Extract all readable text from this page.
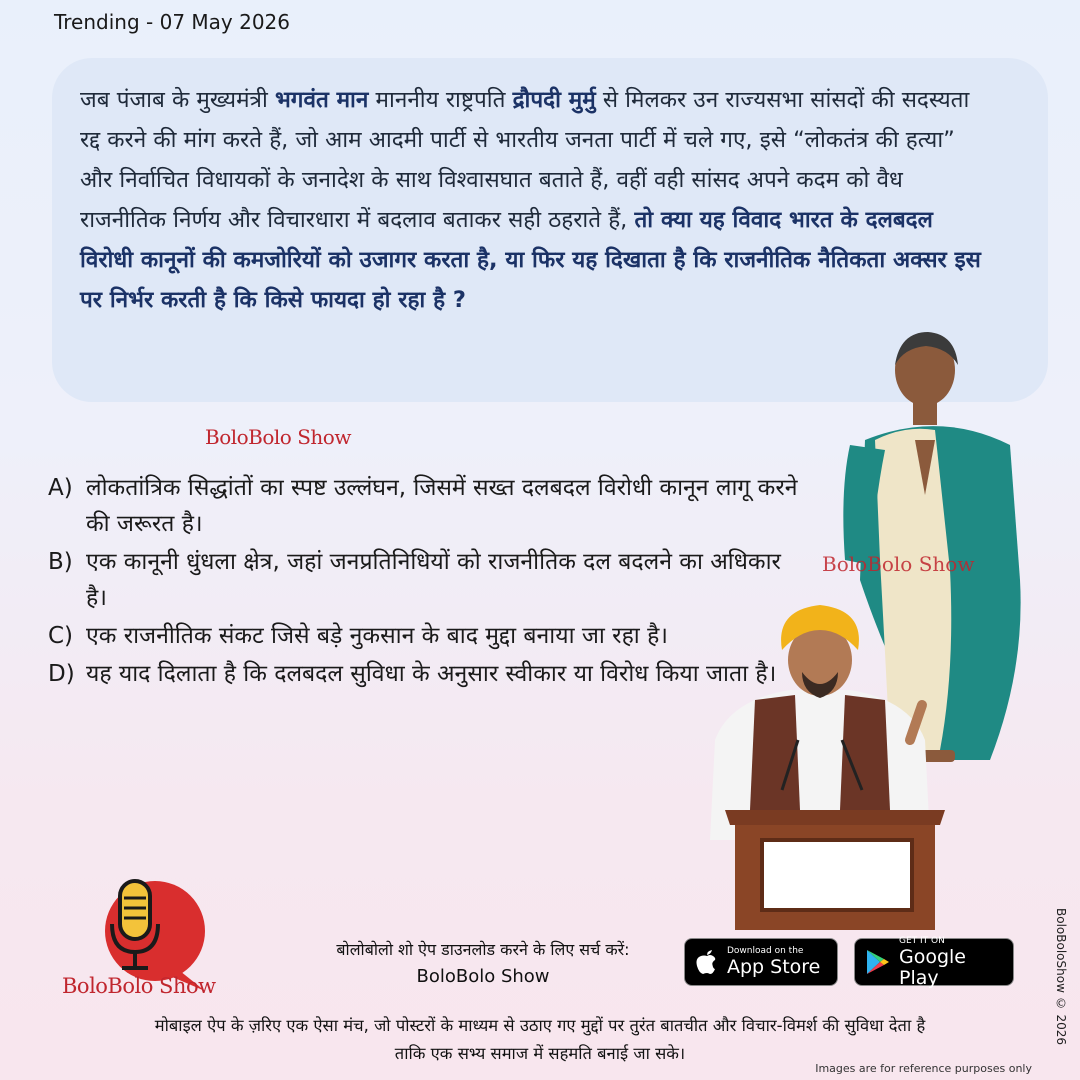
Trending - 07 May 2026

जब पंजाब के मुख्यमंत्री भगवंत मान माननीय राष्ट्रपति द्रौपदी मुर्मु से मिलकर उन राज्यसभा सांसदों की सदस्यता रद्द करने की मांग करते हैं, जो आम आदमी पार्टी से भारतीय जनता पार्टी में चले गए, इसे “लोकतंत्र की हत्या” और निर्वाचित विधायकों के जनादेश के साथ विश्वासघात बताते हैं, वहीं वही सांसद अपने कदम को वैध राजनीतिक निर्णय और विचारधारा में बदलाव बताकर सही ठहराते हैं, तो क्या यह विवाद भारत के दलबदल विरोधी कानूनों की कमजोरियों को उजागर करता है, या फिर यह दिखाता है कि राजनीतिक नैतिकता अक्सर इस पर निर्भर करती है कि किसे फायदा हो रहा है ?

BoloBolo Show
A) लोकतांत्रिक सिद्धांतों का स्पष्ट उल्लंघन, जिसमें सख्त दलबदल विरोधी कानून लागू करने की जरूरत है।
B) एक कानूनी धुंधला क्षेत्र, जहां जनप्रतिनिधियों को राजनीतिक दल बदलने का अधिकार है।
C) एक राजनीतिक संकट जिसे बड़े नुकसान के बाद मुद्दा बनाया जा रहा है।
D) यह याद दिलाता है कि दलबदल सुविधा के अनुसार स्वीकार या विरोध किया जाता है।
BoloBolo Show
BoloBolo Show
बोलोबोलो शो ऐप डाउनलोड करने के लिए सर्च करें:
BoloBolo Show
Download on the
App Store
GET IT ON
Google Play
मोबाइल ऐप के ज़रिए एक ऐसा मंच, जो पोस्टरों के माध्यम से उठाए गए मुद्दों पर तुरंत बातचीत और विचार-विमर्श की सुविधा देता है
ताकि एक सभ्य समाज में सहमति बनाई जा सके।
Images are for reference purposes only
BoloBoloShow © 2026
